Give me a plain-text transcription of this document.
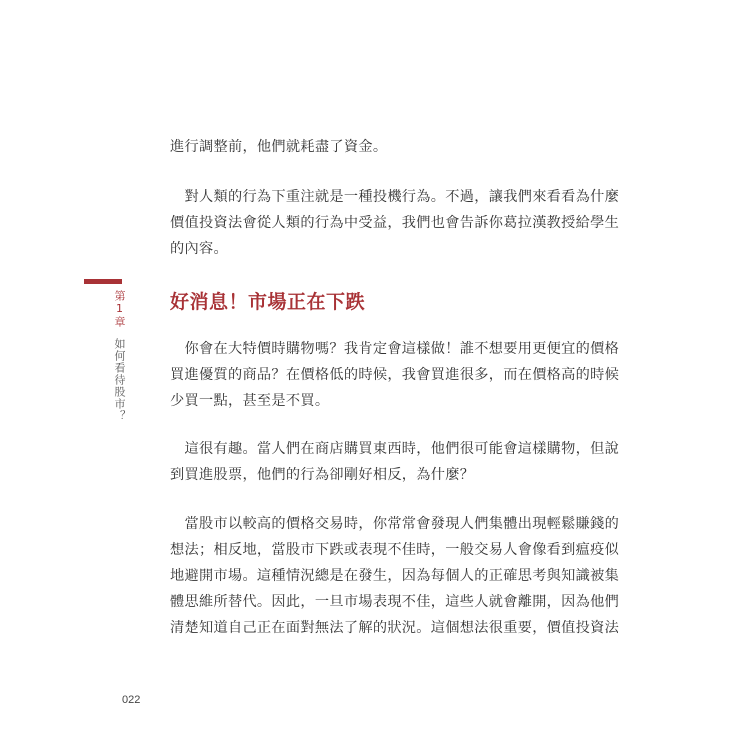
第1章如何看待股市？
進行調整前，他們就耗盡了資金。
　對人類的行為下重注就是一種投機行為。不過，讓我們來看看為什麼
價值投資法會從人類的行為中受益，我們也會告訴你葛拉漢教授給學生
的內容。
好消息！市場正在下跌
　你會在大特價時購物嗎？我肯定會這樣做！誰不想要用更便宜的價格
買進優質的商品？在價格低的時候，我會買進很多，而在價格高的時候
少買一點，甚至是不買。
　這很有趣。當人們在商店購買東西時，他們很可能會這樣購物，但說
到買進股票，他們的行為卻剛好相反，為什麼？
　當股市以較高的價格交易時，你常常會發現人們集體出現輕鬆賺錢的
想法；相反地，當股市下跌或表現不佳時，一般交易人會像看到瘟疫似
地避開市場。這種情況總是在發生，因為每個人的正確思考與知識被集
體思維所替代。因此，一旦市場表現不佳，這些人就會離開，因為他們
清楚知道自己正在面對無法了解的狀況。這個想法很重要，價值投資法
022
